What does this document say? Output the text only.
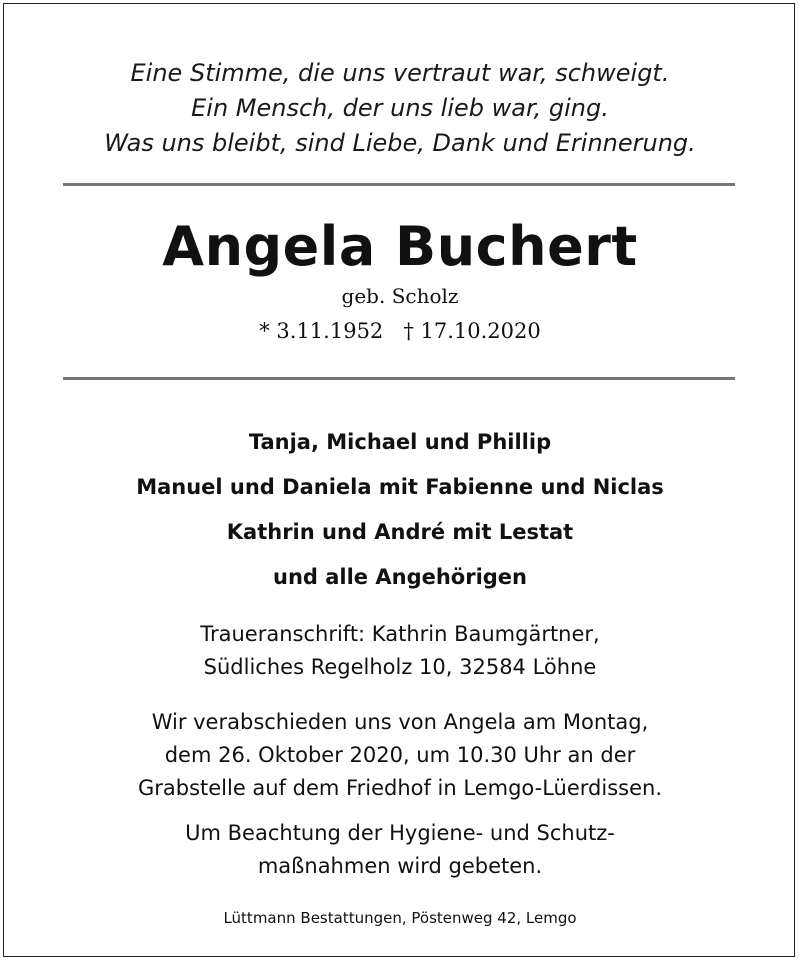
Eine Stimme, die uns vertraut war, schweigt.
Ein Mensch, der uns lieb war, ging.
Was uns bleibt, sind Liebe, Dank und Erinnerung.
Angela Buchert
geb. Scholz
* 3.11.1952 † 17.10.2020
Tanja, Michael und Phillip
Manuel und Daniela mit Fabienne und Niclas
Kathrin und André mit Lestat
und alle Angehörigen
Traueranschrift: Kathrin Baumgärtner,
Südliches Regelholz 10, 32584 Löhne
Wir verabschieden uns von Angela am Montag,
dem 26. Oktober 2020, um 10.30 Uhr an der
Grabstelle auf dem Friedhof in Lemgo-Lüerdissen.
Um Beachtung der Hygiene- und Schutz-
maßnahmen wird gebeten.
Lüttmann Bestattungen, Pöstenweg 42, Lemgo
